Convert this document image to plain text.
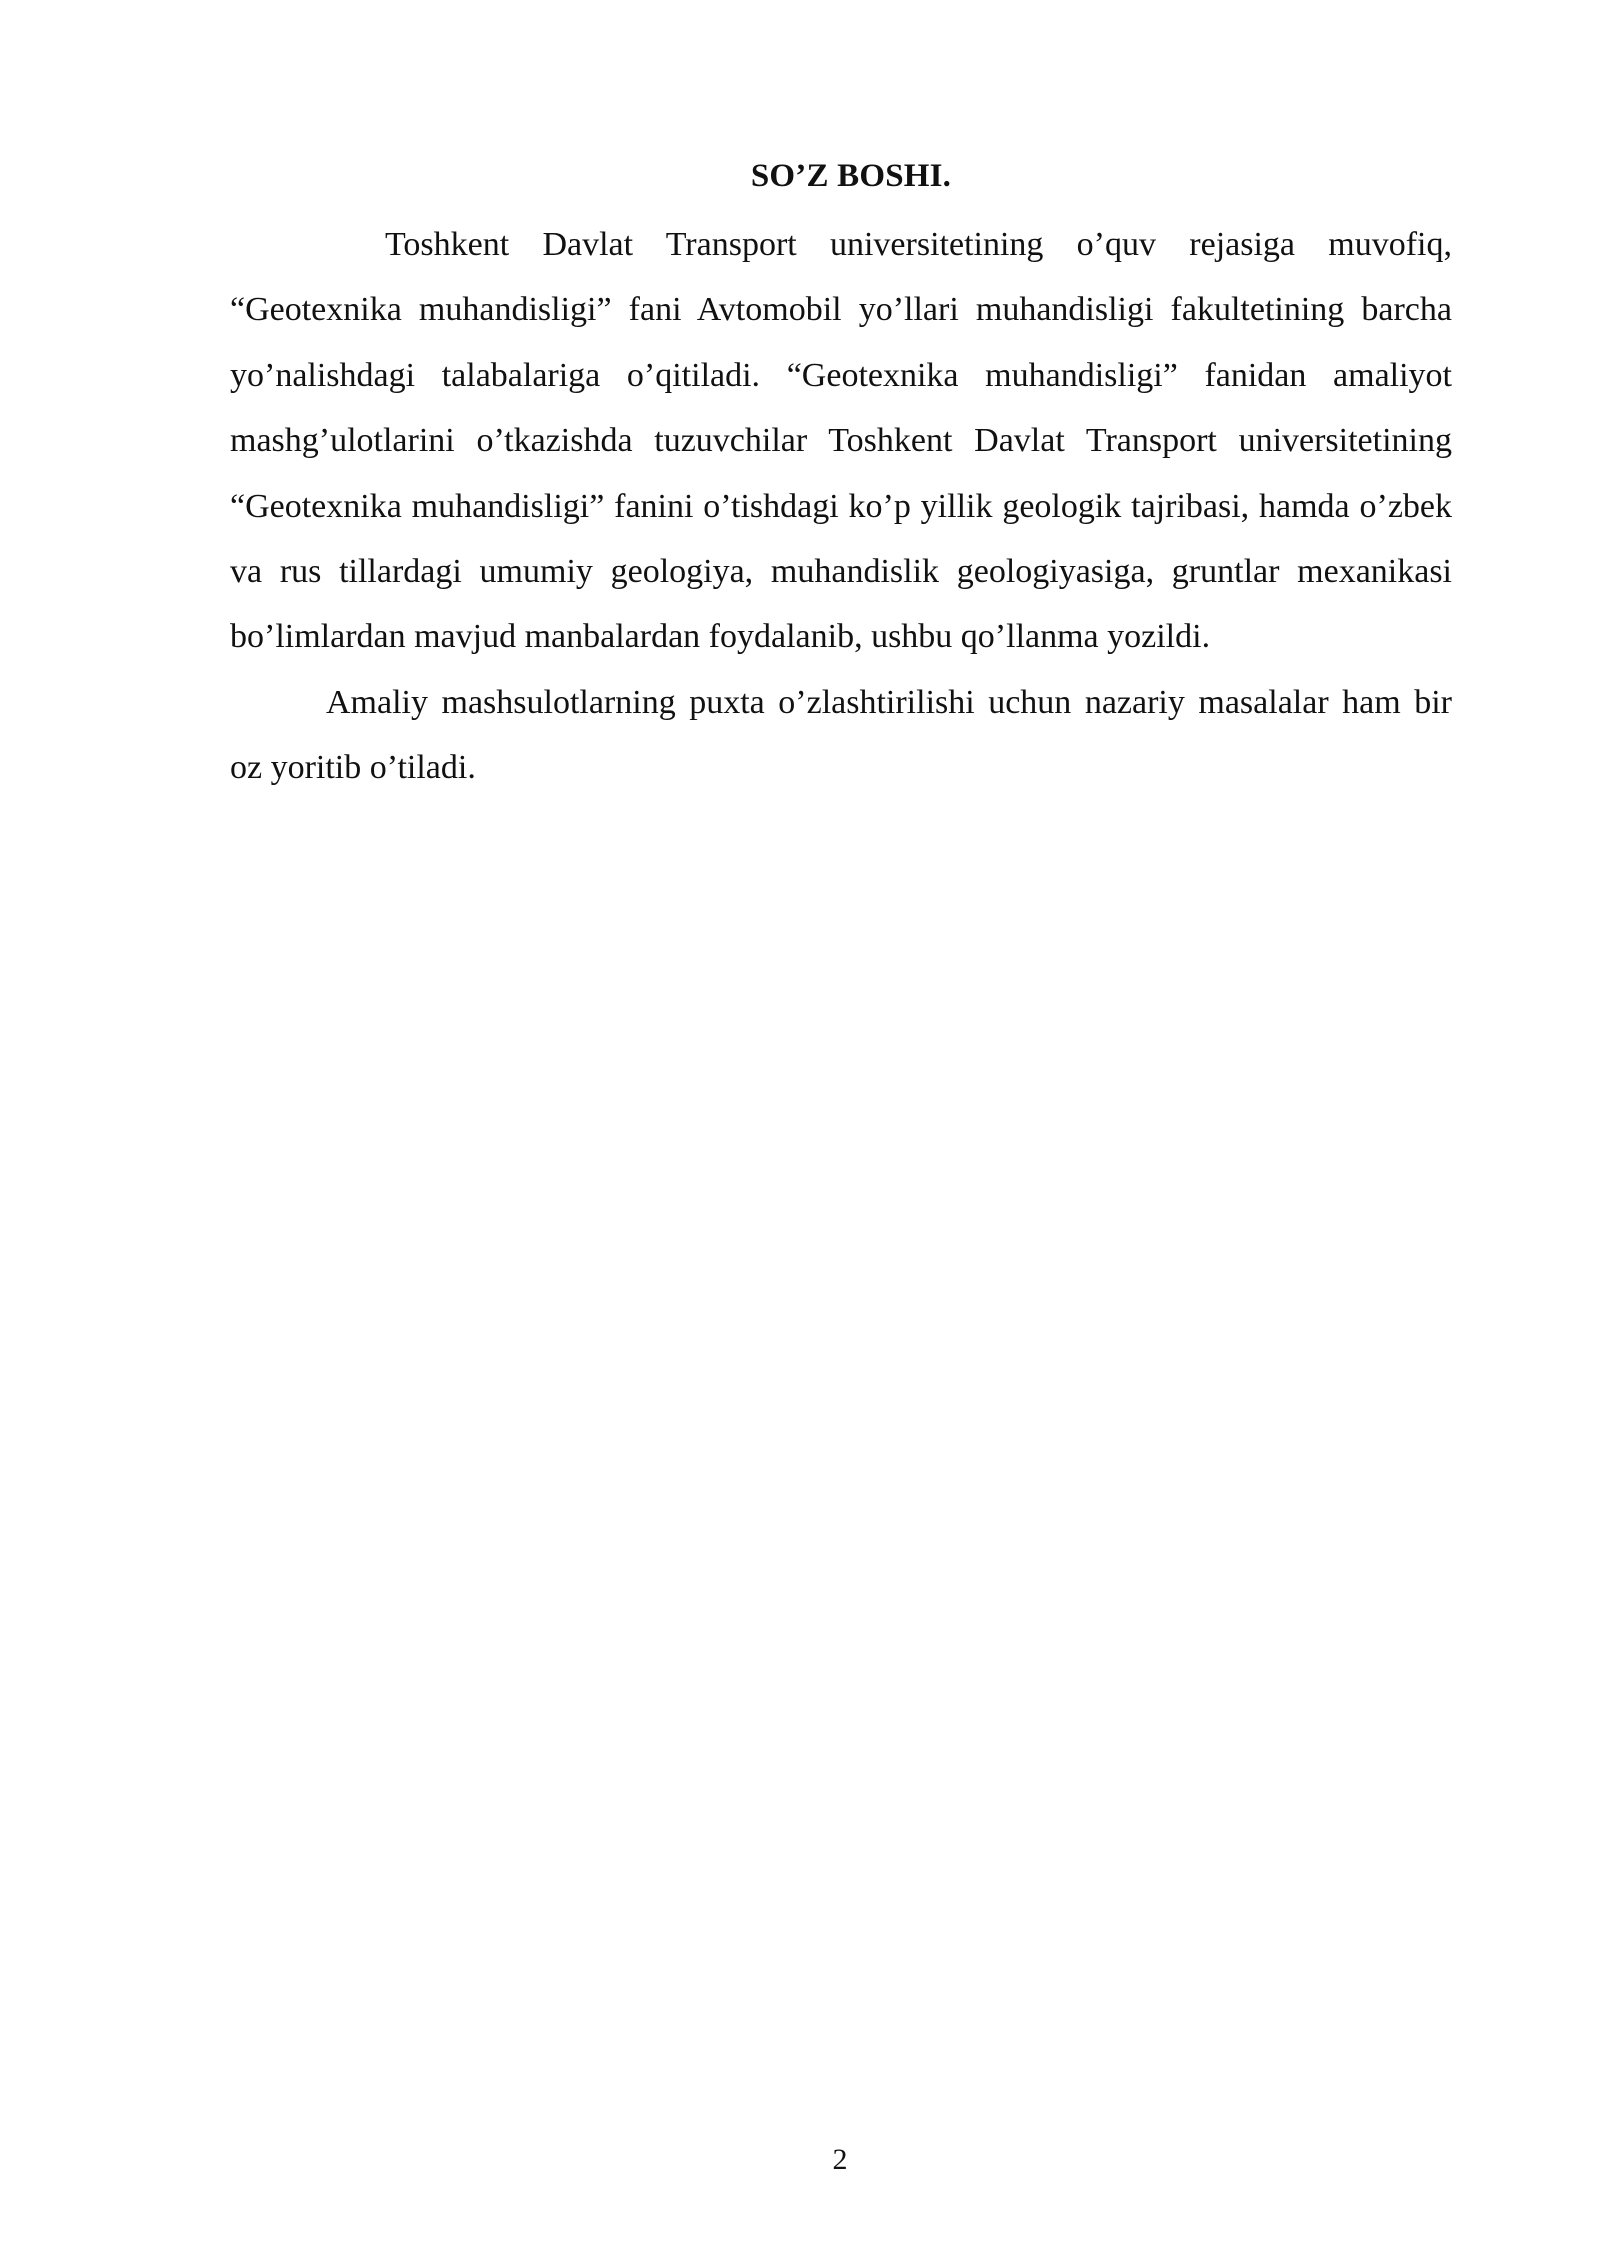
SO’Z BOSHI.

Toshkent Davlat Transport universitetining o’quv rejasiga muvofiq, “Geotexnika muhandisligi” fani Avtomobil yo’llari muhandisligi fakultetining barcha yo’nalishdagi talabalariga o’qitiladi. “Geotexnika muhandisligi” fanidan amaliyot mashg’ulotlarini o’tkazishda tuzuvchilar Toshkent Davlat Transport universitetining “Geotexnika muhandisligi” fanini o’tishdagi ko’p yillik geologik tajribasi, hamda o’zbek va rus tillardagi umumiy geologiya, muhandislik geologiyasiga, gruntlar mexanikasi bo’limlardan mavjud manbalardan foydalanib, ushbu qo’llanma yozildi.

Amaliy mashsulotlarning puxta o’zlashtirilishi uchun nazariy masalalar ham bir oz yoritib o’tiladi.

2
